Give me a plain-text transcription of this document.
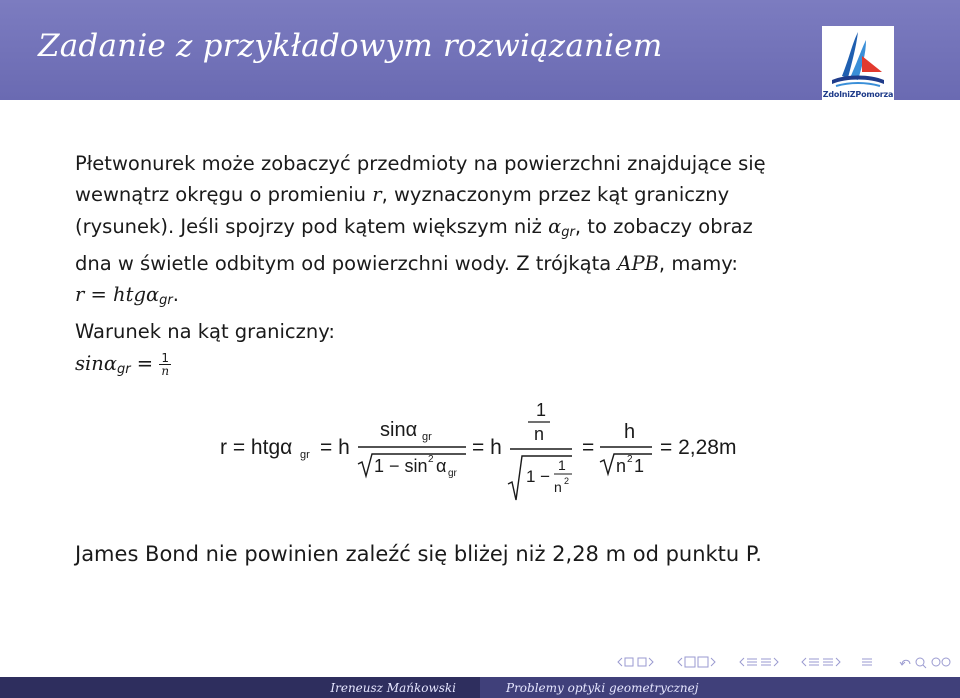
Zadanie z przykładowym rozwiązaniem
ZdolniZPomorza
Płetwonurek może zobaczyć przedmioty na powierzchni znajdujące się
wewnątrz okręgu o promieniu r, wyznaczonym przez kąt graniczny
(rysunek). Jeśli spojrzy pod kątem większym niż $\alpha_{gr}$, to zobaczy obraz
dna w świetle odbitym od powierzchni wody. Z trójkąta APB, mamy:
r = htgα$_{gr}$.
Warunek na kąt graniczny:
$\sin\alpha_{gr} = \frac{1}{n}$
r = htgα gr = h
sinα gr
1 − sin 2 α gr
= h
1
n
1 −
1
n 2
=
h
n 2 1
= 2,28m
James Bond nie powinien zaleźć się bliżej niż 2,28 m od punktu P.
Ireneusz Mańkowski	Problemy optyki geometrycznej
